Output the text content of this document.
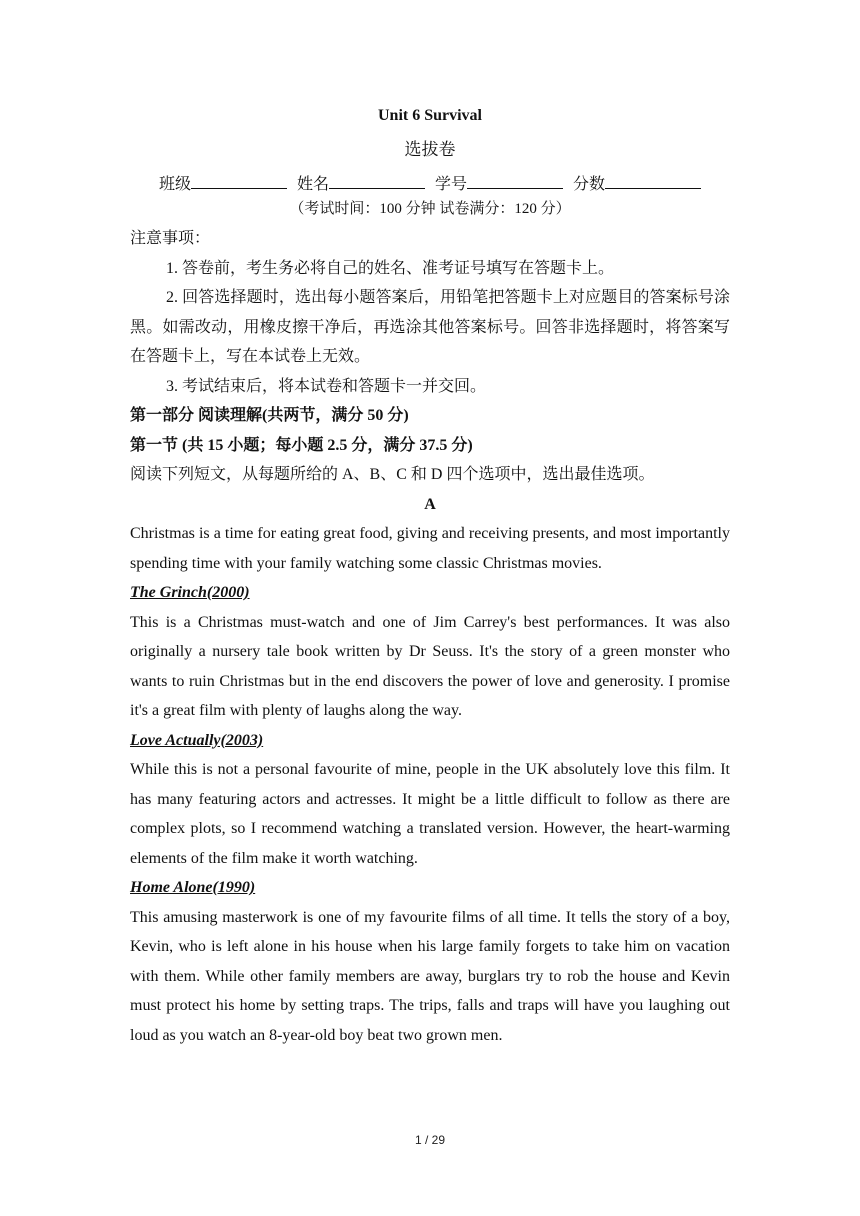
Unit 6 Survival
选拔卷
班级	姓名	学号	分数
（考试时间：100 分钟 试卷满分：120 分）

注意事项：

1. 答卷前，考生务必将自己的姓名、准考证号填写在答题卡上。

2. 回答选择题时，选出每小题答案后，用铅笔把答题卡上对应题目的答案标号涂黑。如需改动，用橡皮擦干净后，再选涂其他答案标号。回答非选择题时，将答案写在答题卡上，写在本试卷上无效。

3. 考试结束后，将本试卷和答题卡一并交回。

第一部分 阅读理解(共两节，满分 50 分)

第一节 (共 15 小题；每小题 2.5 分，满分 37.5 分)

阅读下列短文，从每题所给的 A、B、C 和 D 四个选项中，选出最佳选项。

A

Christmas is a time for eating great food, giving and receiving presents, and most importantly spending time with your family watching some classic Christmas movies.

The Grinch(2000)

This is a Christmas must-watch and one of Jim Carrey's best performances. It was also originally a nursery tale book written by Dr Seuss. It's the story of a green monster who wants to ruin Christmas but in the end discovers the power of love and generosity. I promise it's a great film with plenty of laughs along the way.

Love Actually(2003)

While this is not a personal favourite of mine, people in the UK absolutely love this film. It has many featuring actors and actresses. It might be a little difficult to follow as there are complex plots, so I recommend watching a translated version. However, the heart-warming elements of the film make it worth watching.

Home Alone(1990)

This amusing masterwork is one of my favourite films of all time. It tells the story of a boy, Kevin, who is left alone in his house when his large family forgets to take him on vacation with them. While other family members are away, burglars try to rob the house and Kevin must protect his home by setting traps. The trips, falls and traps will have you laughing out loud as you watch an 8-year-old boy beat two grown men.

1 / 29
